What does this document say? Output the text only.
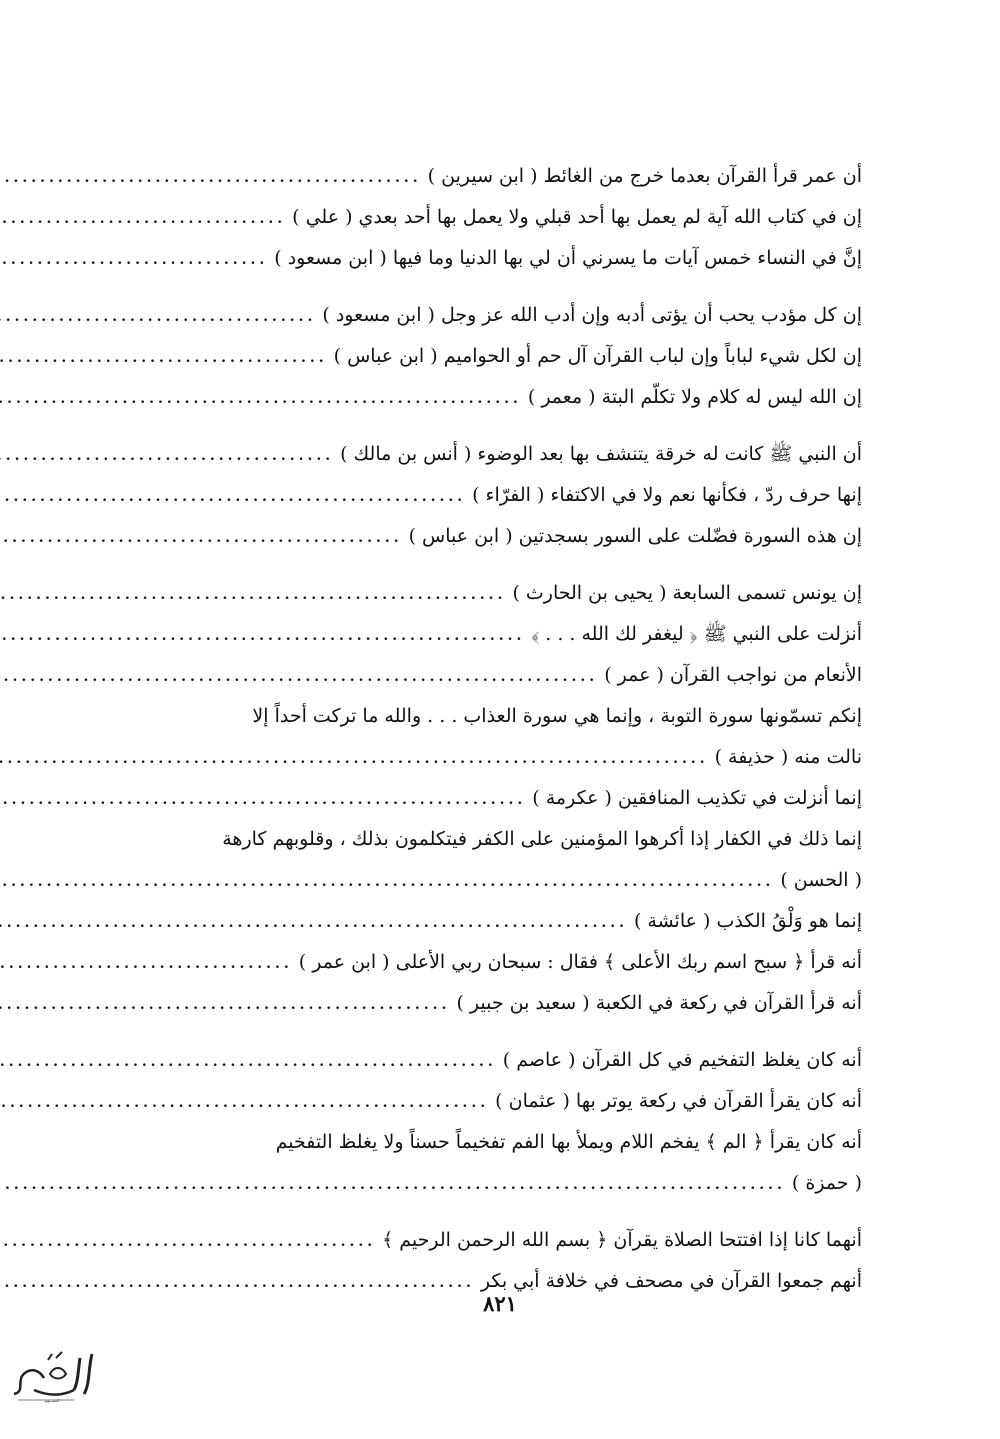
أن عمر قرأ القرآن بعدما خرج من الغائط ( ابن سيرين )
.....
إن في كتاب الله آية لم يعمل بها أحد قبلي ولا يعمل بها أحد بعدي ( علي )
.....
إنَّ في النساء خمس آيات ما يسرني أن لي بها الدنيا وما فيها ( ابن مسعود )
.....
إن كل مؤدب يحب أن يؤتى أدبه وإن أدب الله عز وجل ( ابن مسعود )
.....
إن لكل شيء لباباً وإن لباب القرآن آل حم أو الحواميم ( ابن عباس )
.....
إن الله ليس له كلام ولا تكلّم البتة ( معمر )
.....
أن النبي ﷺ كانت له خرقة يتنشف بها بعد الوضوء ( أنس بن مالك )
.....
إنها حرف ردّ ، فكأنها نعم ولا في الاكتفاء ( الفرّاء )
.....
إن هذه السورة فضّلت على السور بسجدتين ( ابن عباس )
.....
إن يونس تسمى السابعة ( يحيى بن الحارث )
.....
أنزلت على النبي ﷺ ﴿ ليغفر لك الله . . . ﴾
.....
الأنعام من نواجب القرآن ( عمر )
.....
إنكم تسمّونها سورة التوبة ، وإنما هي سورة العذاب . . . والله ما تركت أحداً إلا
نالت منه ( حذيفة )
.....
إنما أنزلت في تكذيب المنافقين ( عكرمة )
.....
إنما ذلك في الكفار إذا أكرهوا المؤمنين على الكفر فيتكلمون بذلك ، وقلوبهم كارهة
( الحسن )
.....
إنما هو وَلْقُ الكذب ( عائشة )
.....
أنه قرأ ﴿ سبح اسم ربك الأعلى ﴾ فقال : سبحان ربي الأعلى ( ابن عمر )
.....
أنه قرأ القرآن في ركعة في الكعبة ( سعيد بن جبير )
.....
أنه كان يغلظ التفخيم في كل القرآن ( عاصم )
.....
أنه كان يقرأ القرآن في ركعة يوتر بها ( عثمان )
.....
أنه كان يقرأ ﴿ الم ﴾ يفخم اللام ويملأ بها الفم تفخيماً حسناً ولا يغلظ التفخيم
( حمزة )
.....
أنهما كانا إذا افتتحا الصلاة يقرآن ﴿ بسم الله الرحمن الرحيم ﴾
.....
أنهم جمعوا القرآن في مصحف في خلافة أبي بكر
.....
٨٢١
المسـتهم
